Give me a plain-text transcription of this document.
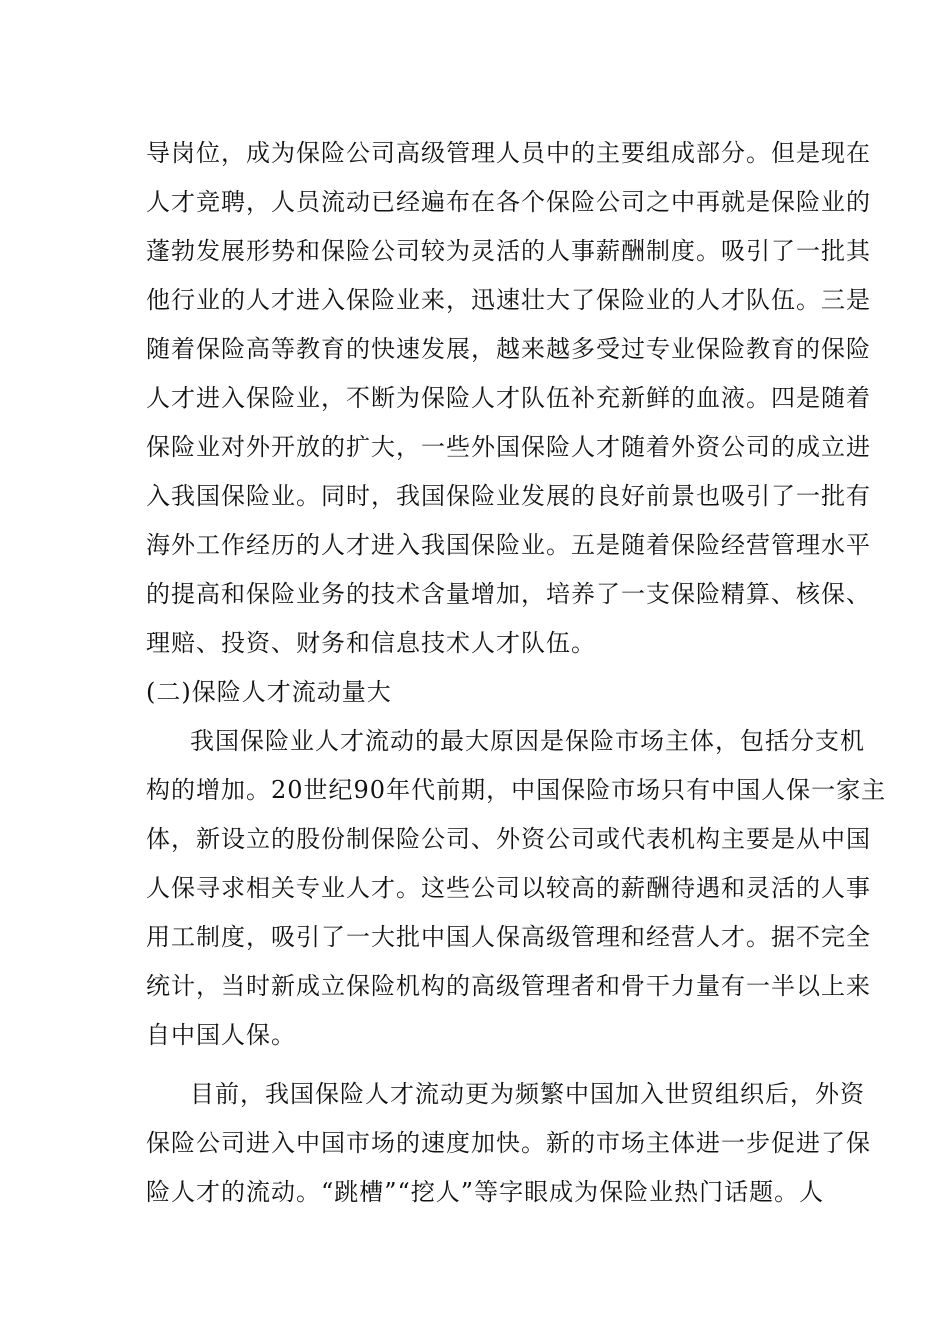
导岗位，成为保险公司高级管理人员中的主要组成部分。但是现在
人才竞聘，人员流动已经遍布在各个保险公司之中再就是保险业的
蓬勃发展形势和保险公司较为灵活的人事薪酬制度。吸引了一批其
他行业的人才进入保险业来，迅速壮大了保险业的人才队伍。三是
随着保险高等教育的快速发展，越来越多受过专业保险教育的保险
人才进入保险业，不断为保险人才队伍补充新鲜的血液。四是随着
保险业对外开放的扩大，一些外国保险人才随着外资公司的成立进
入我国保险业。同时，我国保险业发展的良好前景也吸引了一批有
海外工作经历的人才进入我国保险业。五是随着保险经营管理水平
的提高和保险业务的技术含量增加，培养了一支保险精算、核保、
理赔、投资、财务和信息技术人才队伍。
(二)保险人才流动量大
我国保险业人才流动的最大原因是保险市场主体，包括分支机
构的增加。20世纪90年代前期，中国保险市场只有中国人保一家主
体，新设立的股份制保险公司、外资公司或代表机构主要是从中国
人保寻求相关专业人才。这些公司以较高的薪酬待遇和灵活的人事
用工制度，吸引了一大批中国人保高级管理和经营人才。据不完全
统计，当时新成立保险机构的高级管理者和骨干力量有一半以上来
自中国人保。
目前，我国保险人才流动更为频繁中国加入世贸组织后，外资
保险公司进入中国市场的速度加快。新的市场主体进一步促进了保
险人才的流动。“跳槽”“挖人”等字眼成为保险业热门话题。人
